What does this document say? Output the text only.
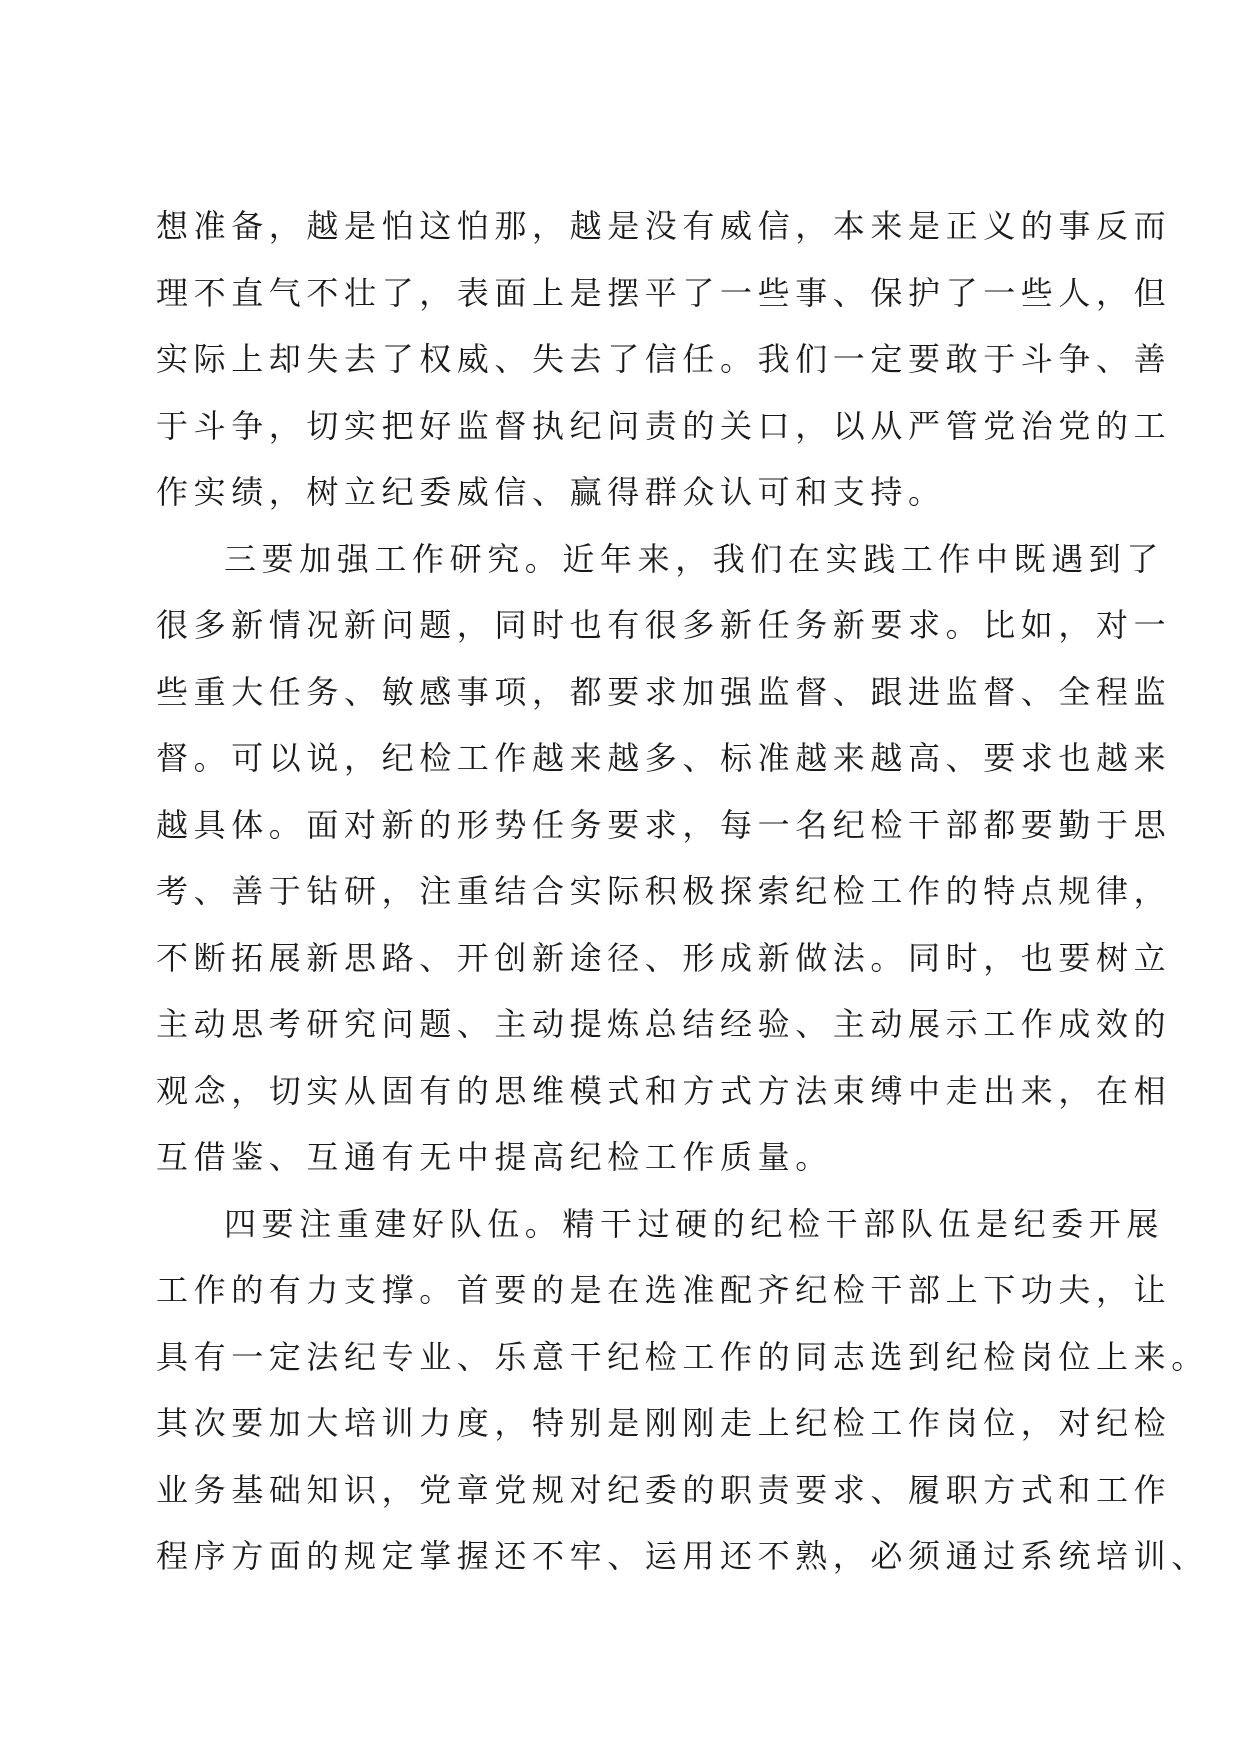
想准备，越是怕这怕那，越是没有威信，本来是正义的事反而
理不直气不壮了，表面上是摆平了一些事、保护了一些人，但
实际上却失去了权威、失去了信任。我们一定要敢于斗争、善
于斗争，切实把好监督执纪问责的关口，以从严管党治党的工
作实绩，树立纪委威信、赢得群众认可和支持。
三要加强工作研究。近年来，我们在实践工作中既遇到了
很多新情况新问题，同时也有很多新任务新要求。比如，对一
些重大任务、敏感事项，都要求加强监督、跟进监督、全程监
督。可以说，纪检工作越来越多、标准越来越高、要求也越来
越具体。面对新的形势任务要求，每一名纪检干部都要勤于思
考、善于钻研，注重结合实际积极探索纪检工作的特点规律，
不断拓展新思路、开创新途径、形成新做法。同时，也要树立
主动思考研究问题、主动提炼总结经验、主动展示工作成效的
观念，切实从固有的思维模式和方式方法束缚中走出来，在相
互借鉴、互通有无中提高纪检工作质量。
四要注重建好队伍。精干过硬的纪检干部队伍是纪委开展
工作的有力支撑。首要的是在选准配齐纪检干部上下功夫，让
具有一定法纪专业、乐意干纪检工作的同志选到纪检岗位上来。
其次要加大培训力度，特别是刚刚走上纪检工作岗位，对纪检
业务基础知识，党章党规对纪委的职责要求、履职方式和工作
程序方面的规定掌握还不牢、运用还不熟，必须通过系统培训、
